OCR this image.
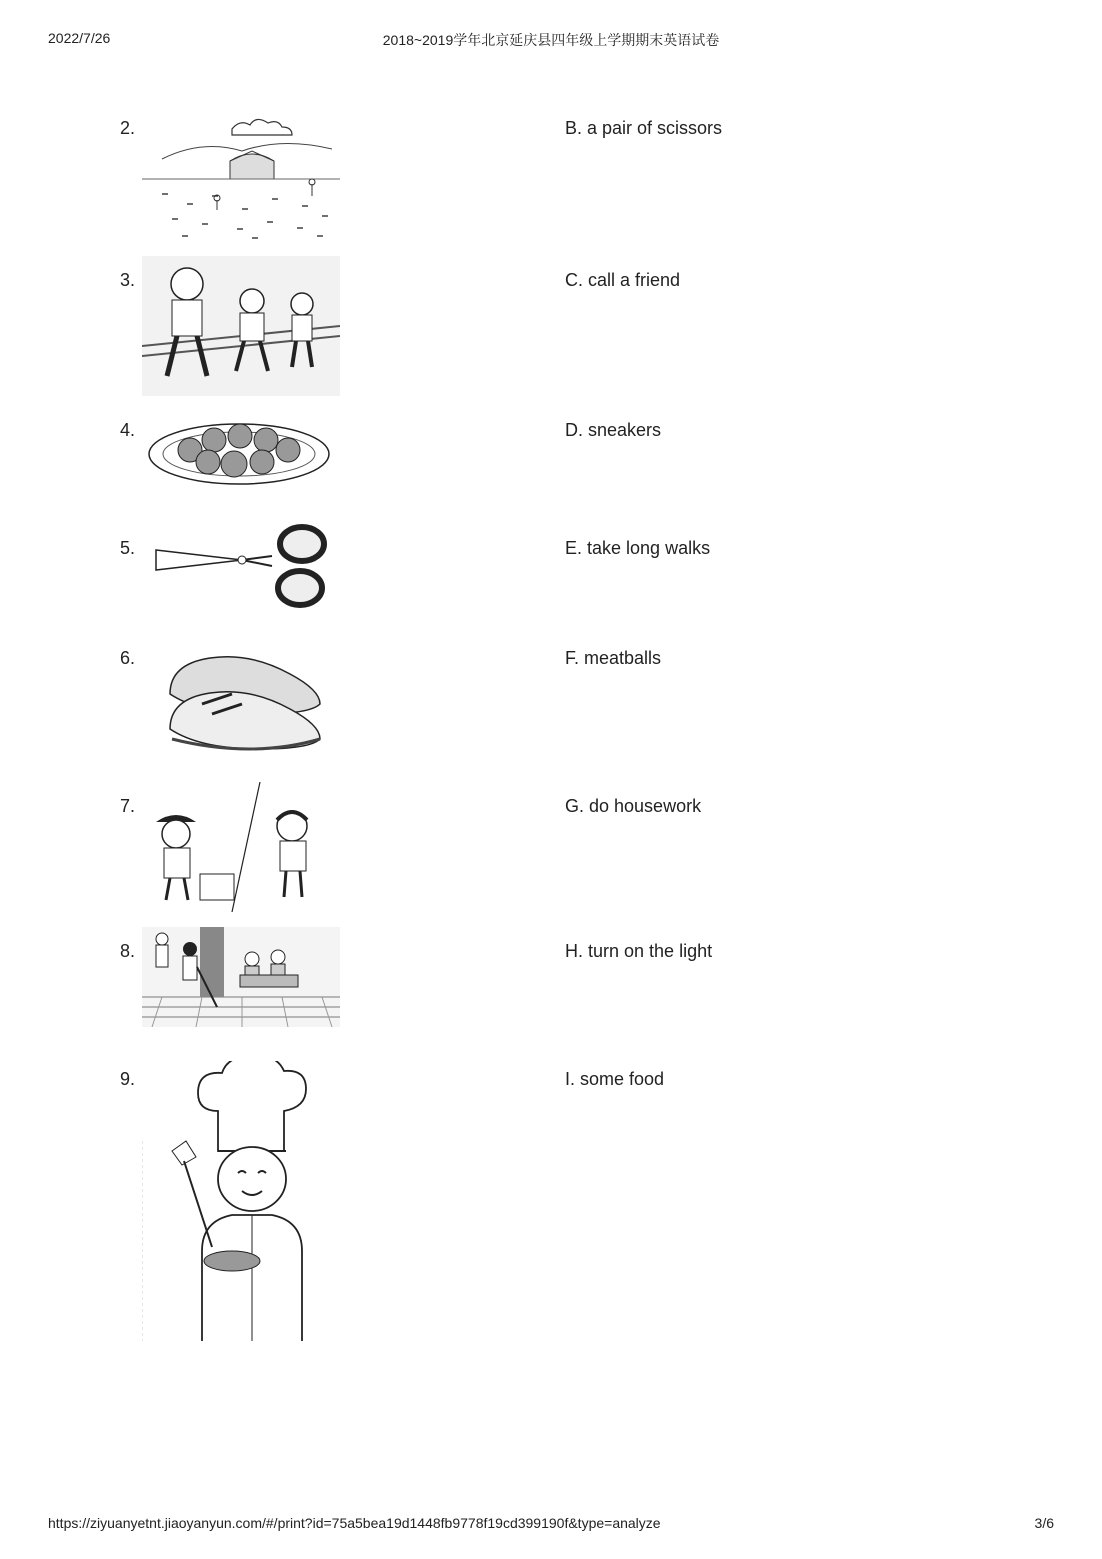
2022/7/26	2018~2019学年北京延庆县四年级上学期期末英语试卷
2.	B. a pair of scissors
3.	C. call a friend
4.	D. sneakers
5.	E. take long walks
6.	F. meatballs
7.	G. do housework
8.	H. turn on the light
9.	I. some food
https://ziyuanyetnt.jiaoyanyun.com/#/print?id=75a5bea19d1448fb9778f19cd399190f&type=analyze	3/6
